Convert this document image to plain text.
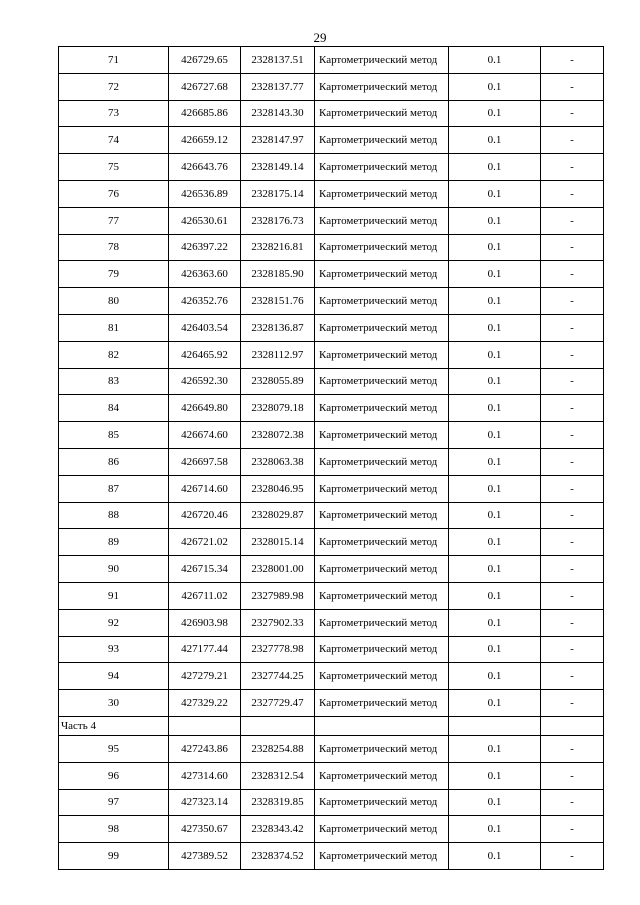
29
71	426729.65	2328137.51	Картометрический метод	0.1	-
72	426727.68	2328137.77	Картометрический метод	0.1	-
73	426685.86	2328143.30	Картометрический метод	0.1	-
74	426659.12	2328147.97	Картометрический метод	0.1	-
75	426643.76	2328149.14	Картометрический метод	0.1	-
76	426536.89	2328175.14	Картометрический метод	0.1	-
77	426530.61	2328176.73	Картометрический метод	0.1	-
78	426397.22	2328216.81	Картометрический метод	0.1	-
79	426363.60	2328185.90	Картометрический метод	0.1	-
80	426352.76	2328151.76	Картометрический метод	0.1	-
81	426403.54	2328136.87	Картометрический метод	0.1	-
82	426465.92	2328112.97	Картометрический метод	0.1	-
83	426592.30	2328055.89	Картометрический метод	0.1	-
84	426649.80	2328079.18	Картометрический метод	0.1	-
85	426674.60	2328072.38	Картометрический метод	0.1	-
86	426697.58	2328063.38	Картометрический метод	0.1	-
87	426714.60	2328046.95	Картометрический метод	0.1	-
88	426720.46	2328029.87	Картометрический метод	0.1	-
89	426721.02	2328015.14	Картометрический метод	0.1	-
90	426715.34	2328001.00	Картометрический метод	0.1	-
91	426711.02	2327989.98	Картометрический метод	0.1	-
92	426903.98	2327902.33	Картометрический метод	0.1	-
93	427177.44	2327778.98	Картометрический метод	0.1	-
94	427279.21	2327744.25	Картометрический метод	0.1	-
30	427329.22	2327729.47	Картометрический метод	0.1	-
Часть 4					
95	427243.86	2328254.88	Картометрический метод	0.1	-
96	427314.60	2328312.54	Картометрический метод	0.1	-
97	427323.14	2328319.85	Картометрический метод	0.1	-
98	427350.67	2328343.42	Картометрический метод	0.1	-
99	427389.52	2328374.52	Картометрический метод	0.1	-
